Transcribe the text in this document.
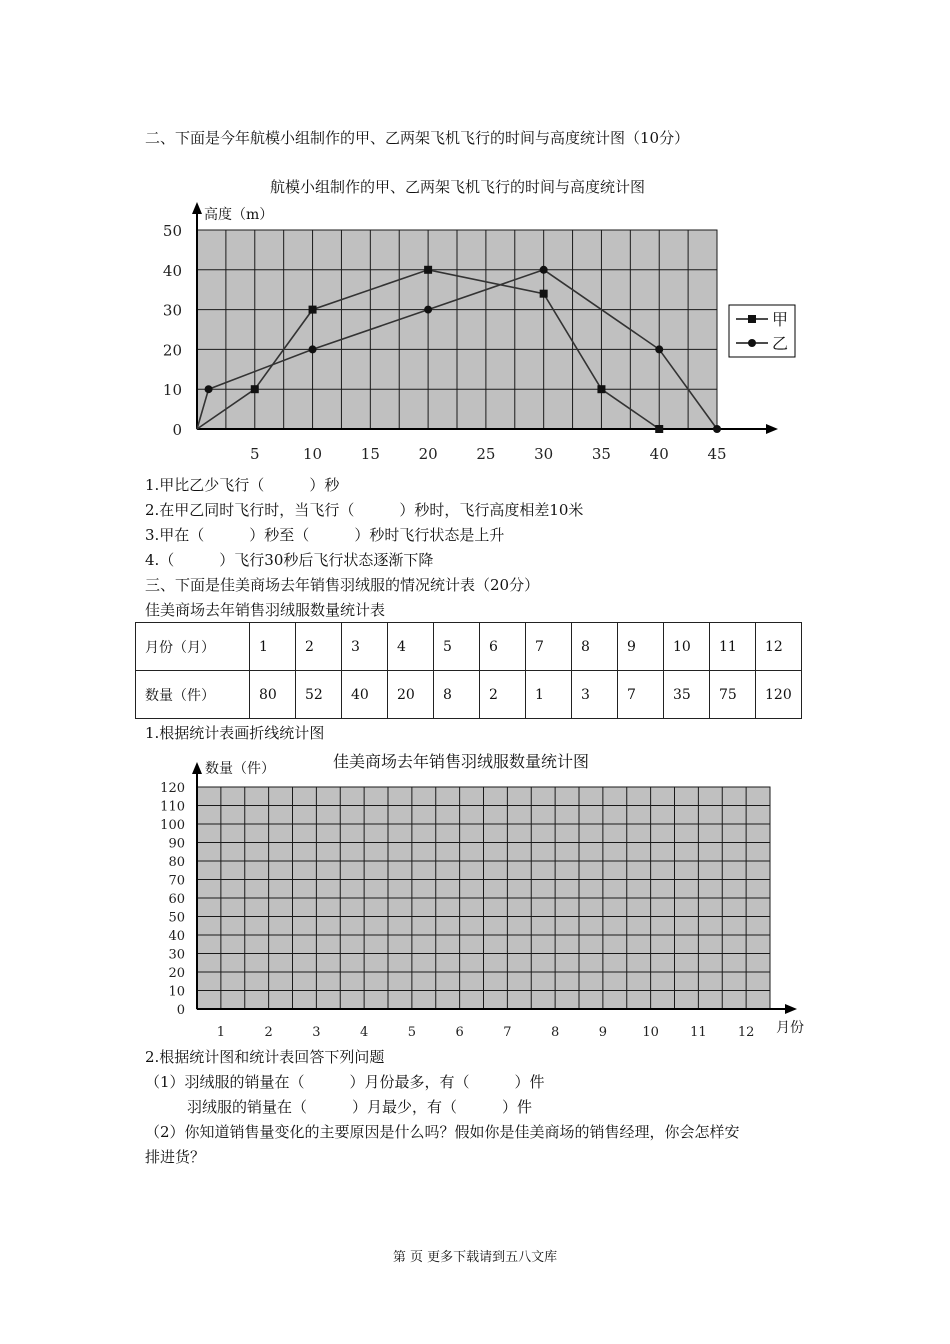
二、下面是今年航模小组制作的甲、乙两架飞机飞行的时间与高度统计图（10分）
航模小组制作的甲、乙两架飞机飞行的时间与高度统计图
高度（m）
0
10
20
30
40
50
5	10	15	20	25	30	35	40	45
甲
乙
1.甲比乙少飞行（　　　）秒
2.在甲乙同时飞行时，当飞行（　　　）秒时，飞行高度相差10米
3.甲在（　　　）秒至（　　　）秒时飞行状态是上升
4.（　　　）飞行30秒后飞行状态逐渐下降
三、下面是佳美商场去年销售羽绒服的情况统计表（20分）
佳美商场去年销售羽绒服数量统计表
月份（月）	1	2	3	4	5	6	7	8	9	10	11	12
数量（件）	80	52	40	20	8	2	1	3	7	35	75	120
1.根据统计表画折线统计图
佳美商场去年销售羽绒服数量统计图
数量（件）
月份
0
10
20
30
40
50
60
70
80
90
100
110
120
1	2	3	4	5	6	7	8	9	10 11 12
2.根据统计图和统计表回答下列问题
（1）羽绒服的销量在（　　　）月份最多，有（　　　）件
羽绒服的销量在（　　　）月最少，有（　　　）件
（2）你知道销售量变化的主要原因是什么吗？假如你是佳美商场的销售经理，你会怎样安
排进货？
第 页 更多下载请到五八文库
